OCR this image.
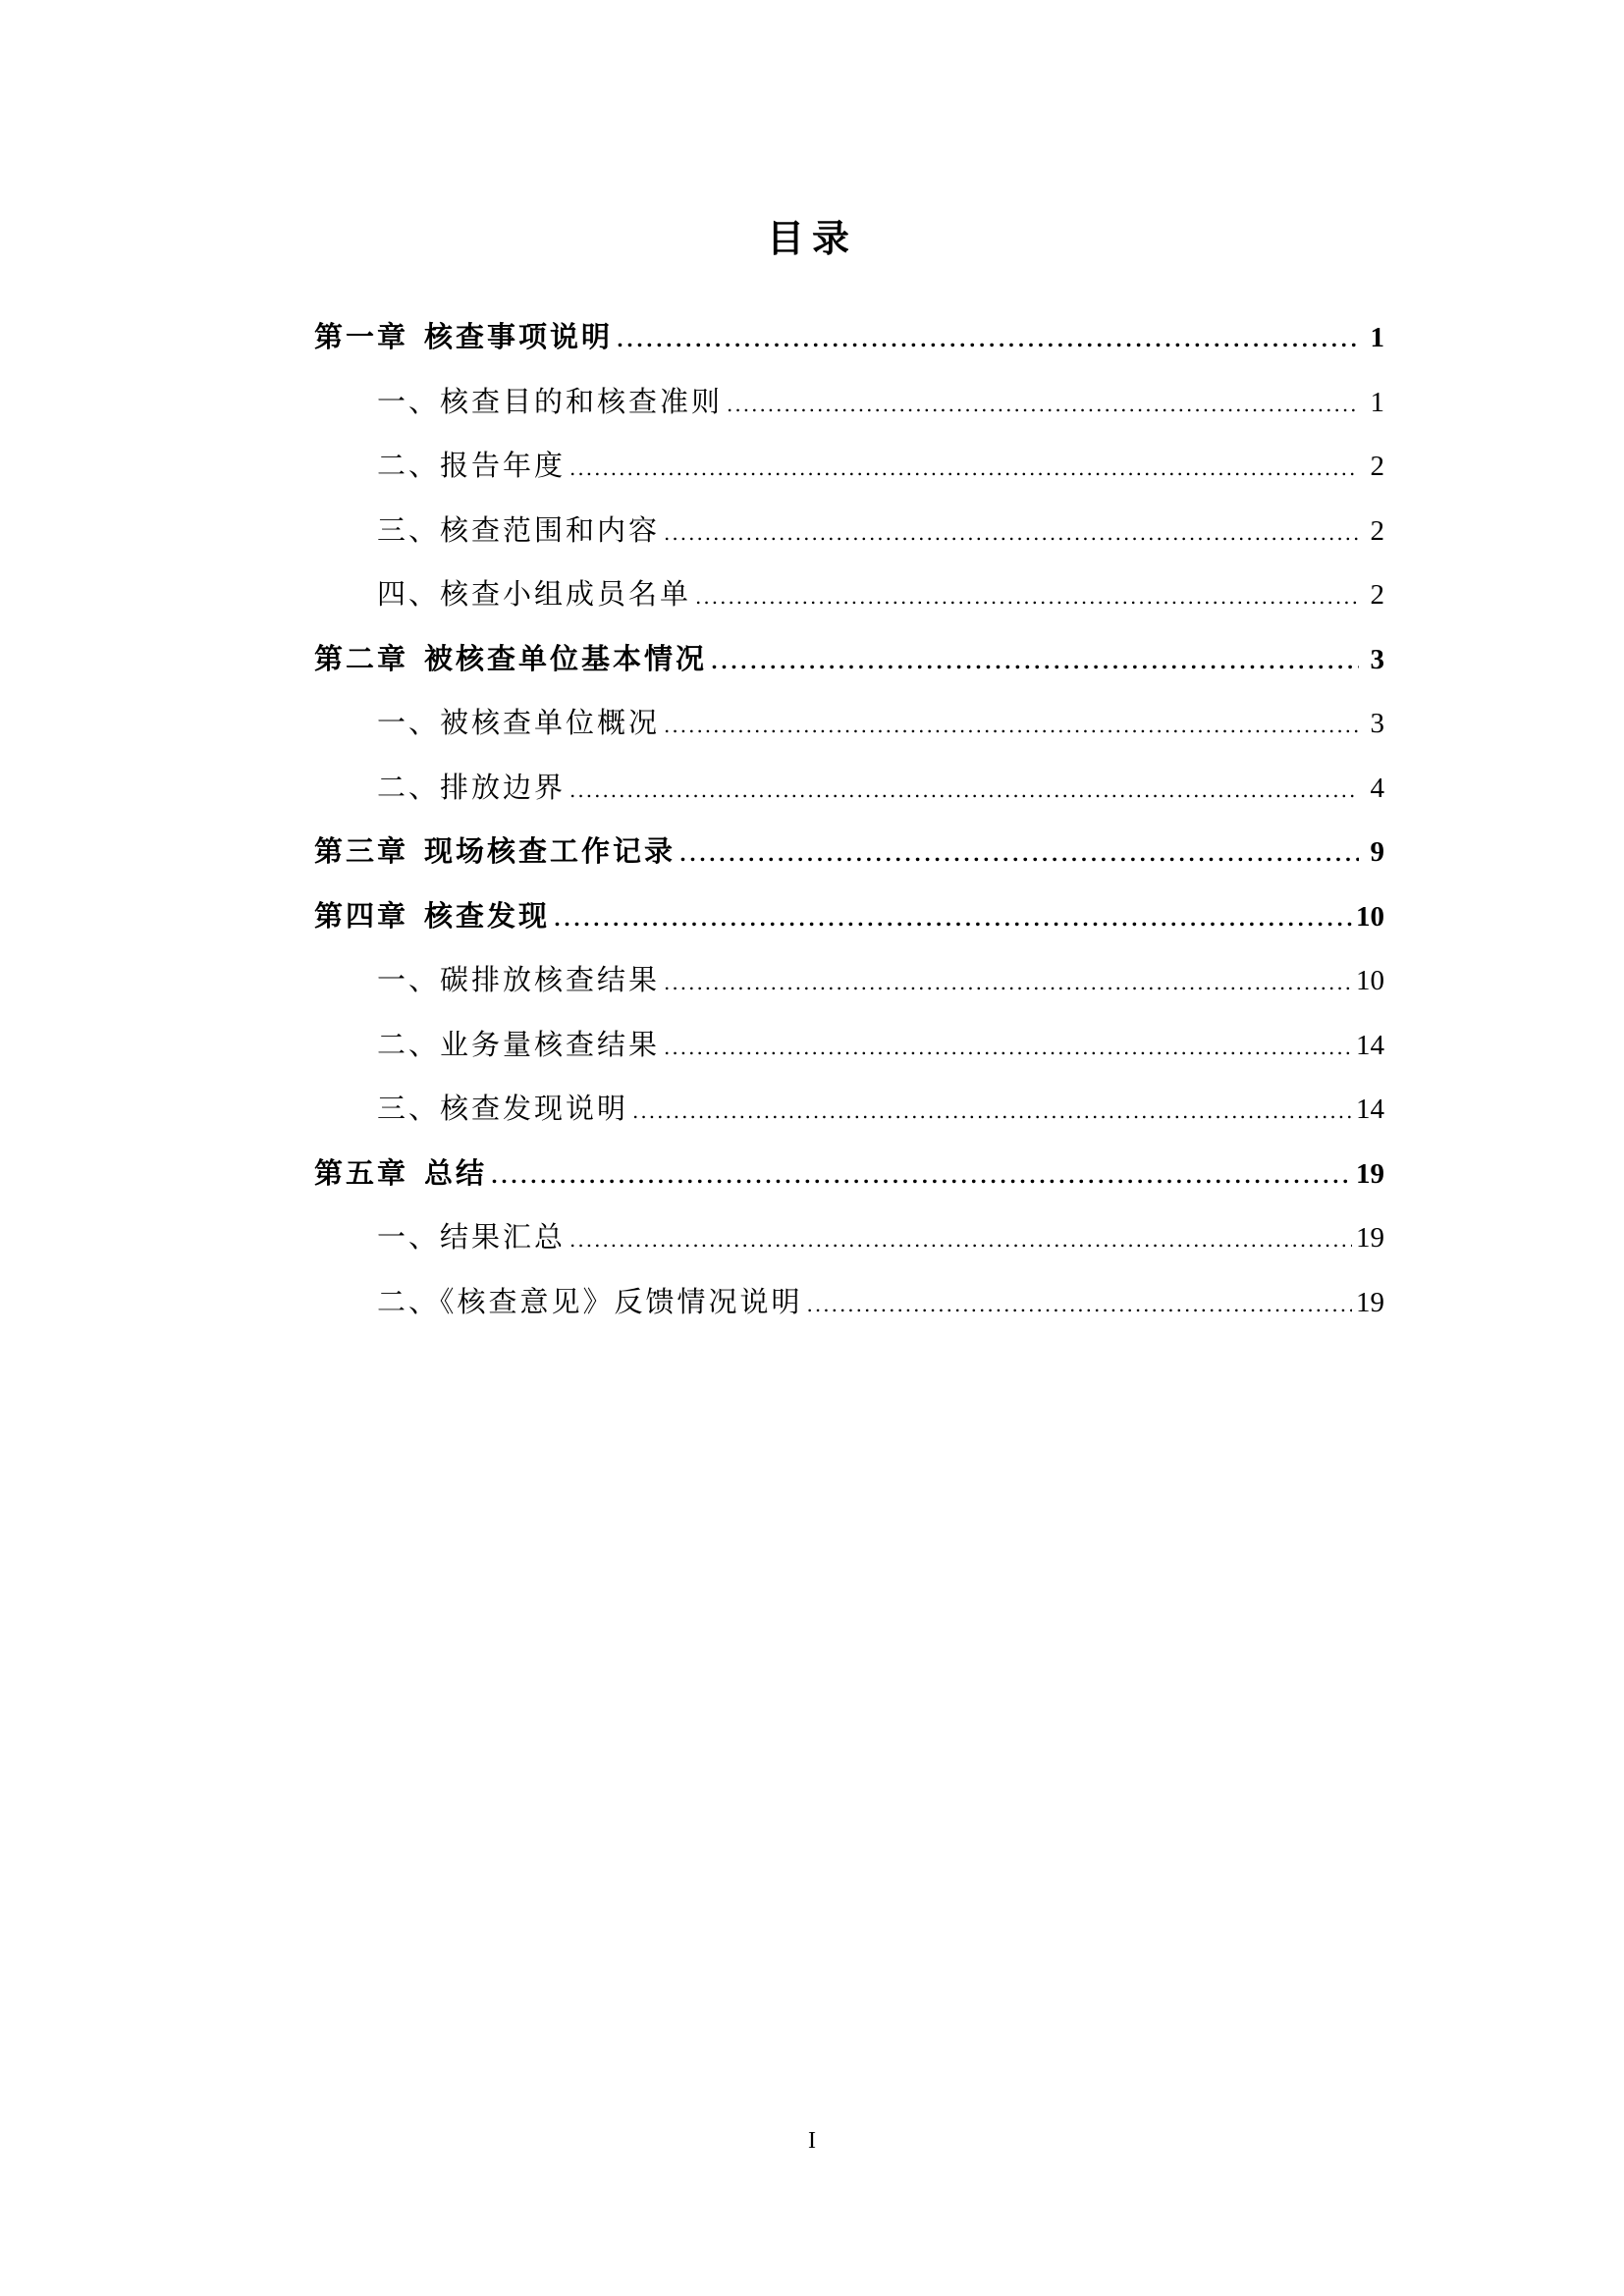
目录
第一章 核查事项说明 .....	1
一、核查目的和核查准则 .....	1
二、报告年度 .....	2
三、核查范围和内容 .....	2
四、核查小组成员名单 .....	2
第二章 被核查单位基本情况 .....	3
一、被核查单位概况 .....	3
二、排放边界 .....	4
第三章 现场核查工作记录 .....	9
第四章 核查发现 .....	10
一、碳排放核查结果 .....	10
二、业务量核查结果 .....	14
三、核查发现说明 .....	14
第五章 总结 .....	19
一、结果汇总 .....	19
二、《核查意见》反馈情况说明 .....	19
I
